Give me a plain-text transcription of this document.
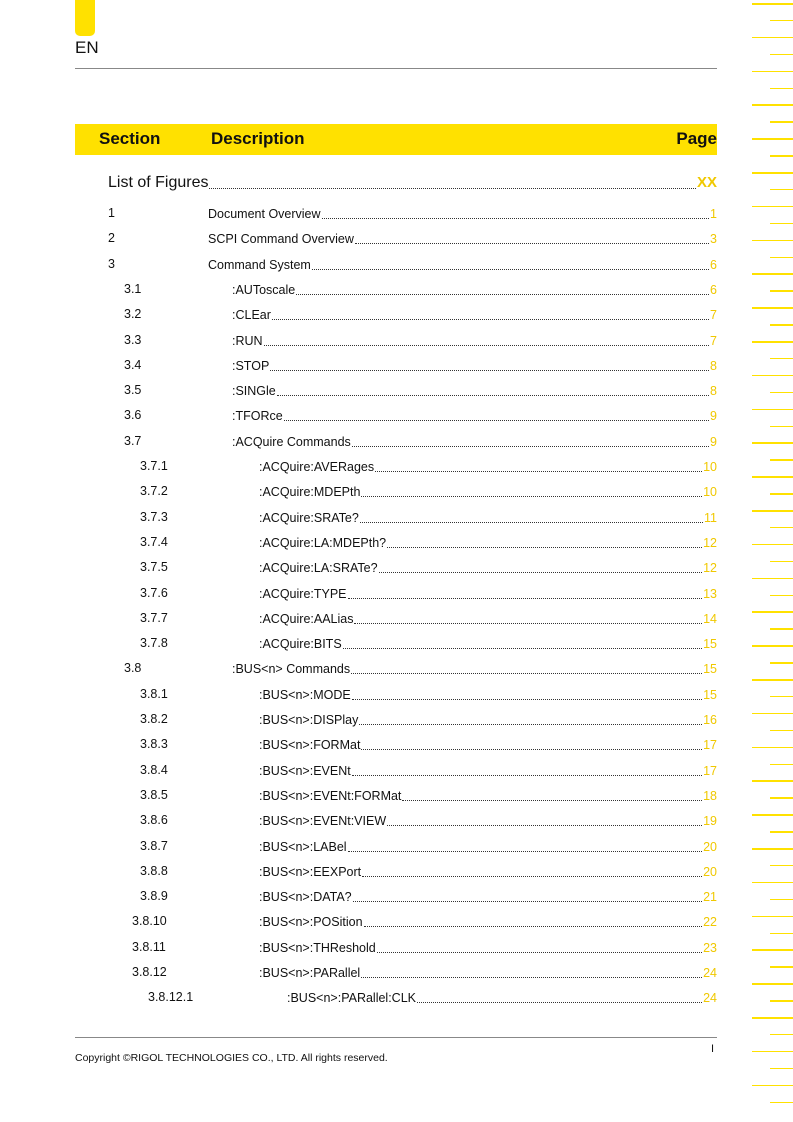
EN
Section	Description	Page
List of Figures	XX
1	Document Overview	1
2	SCPI Command Overview	3
3	Command System	6
3.1	:AUToscale	6
3.2	:CLEar	7
3.3	:RUN	7
3.4	:STOP	8
3.5	:SINGle	8
3.6	:TFORce	9
3.7	:ACQuire Commands	9
3.7.1	:ACQuire:AVERages	10
3.7.2	:ACQuire:MDEPth	10
3.7.3	:ACQuire:SRATe?	11
3.7.4	:ACQuire:LA:MDEPth?	12
3.7.5	:ACQuire:LA:SRATe?	12
3.7.6	:ACQuire:TYPE	13
3.7.7	:ACQuire:AALias	14
3.7.8	:ACQuire:BITS	15
3.8	:BUS<n> Commands	15
3.8.1	:BUS<n>:MODE	15
3.8.2	:BUS<n>:DISPlay	16
3.8.3	:BUS<n>:FORMat	17
3.8.4	:BUS<n>:EVENt	17
3.8.5	:BUS<n>:EVENt:FORMat	18
3.8.6	:BUS<n>:EVENt:VIEW	19
3.8.7	:BUS<n>:LABel	20
3.8.8	:BUS<n>:EEXPort	20
3.8.9	:BUS<n>:DATA?	21
3.8.10	:BUS<n>:POSition	22
3.8.11	:BUS<n>:THReshold	23
3.8.12	:BUS<n>:PARallel	24
3.8.12.1	:BUS<n>:PARallel:CLK	24
Copyright ©RIGOL TECHNOLOGIES CO., LTD. All rights reserved.
I
